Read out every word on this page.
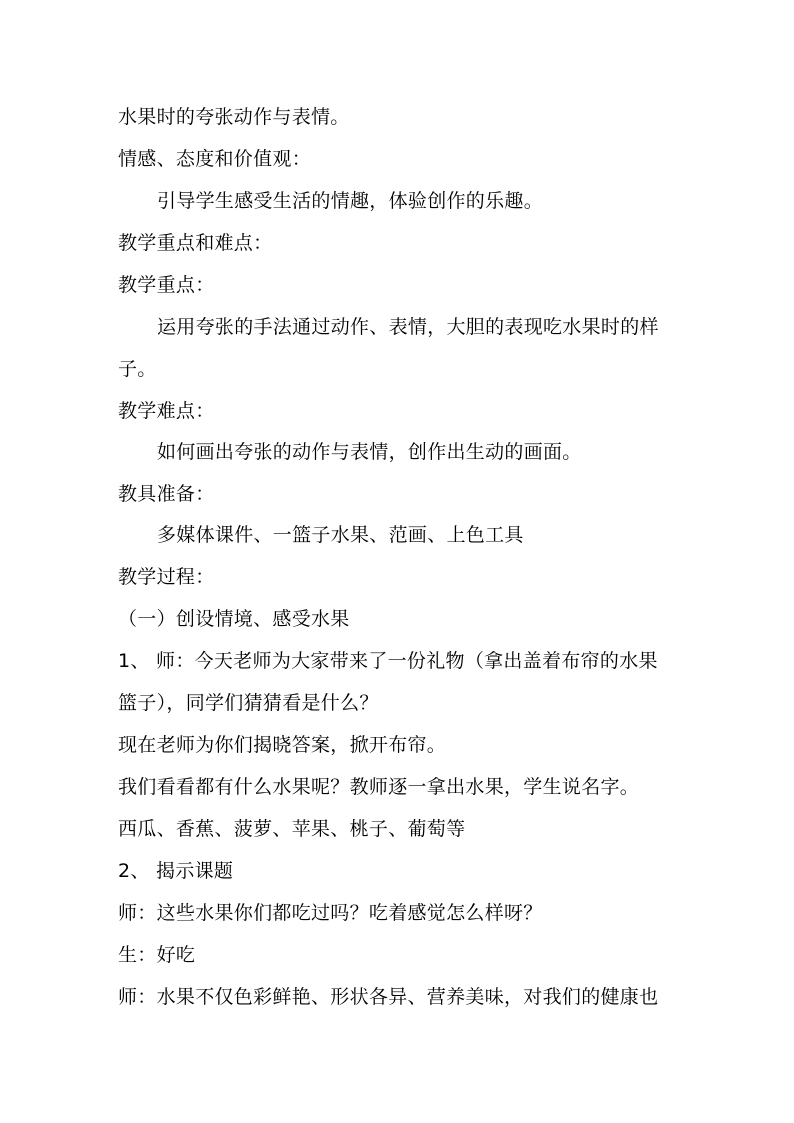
水果时的夸张动作与表情。
情感、态度和价值观：
引导学生感受生活的情趣，体验创作的乐趣。
教学重点和难点：
教学重点：
运用夸张的手法通过动作、表情，大胆的表现吃水果时的样
子。
教学难点：
如何画出夸张的动作与表情，创作出生动的画面。
教具准备：
多媒体课件、一篮子水果、范画、上色工具
教学过程：
（一）创设情境、感受水果
1、 师：今天老师为大家带来了一份礼物（拿出盖着布帘的水果
篮子），同学们猜猜看是什么？
现在老师为你们揭晓答案，掀开布帘。
我们看看都有什么水果呢？教师逐一拿出水果，学生说名字。
西瓜、香蕉、菠萝、苹果、桃子、葡萄等
2、 揭示课题
师：这些水果你们都吃过吗？吃着感觉怎么样呀？
生：好吃
师：水果不仅色彩鲜艳、形状各异、营养美味，对我们的健康也
